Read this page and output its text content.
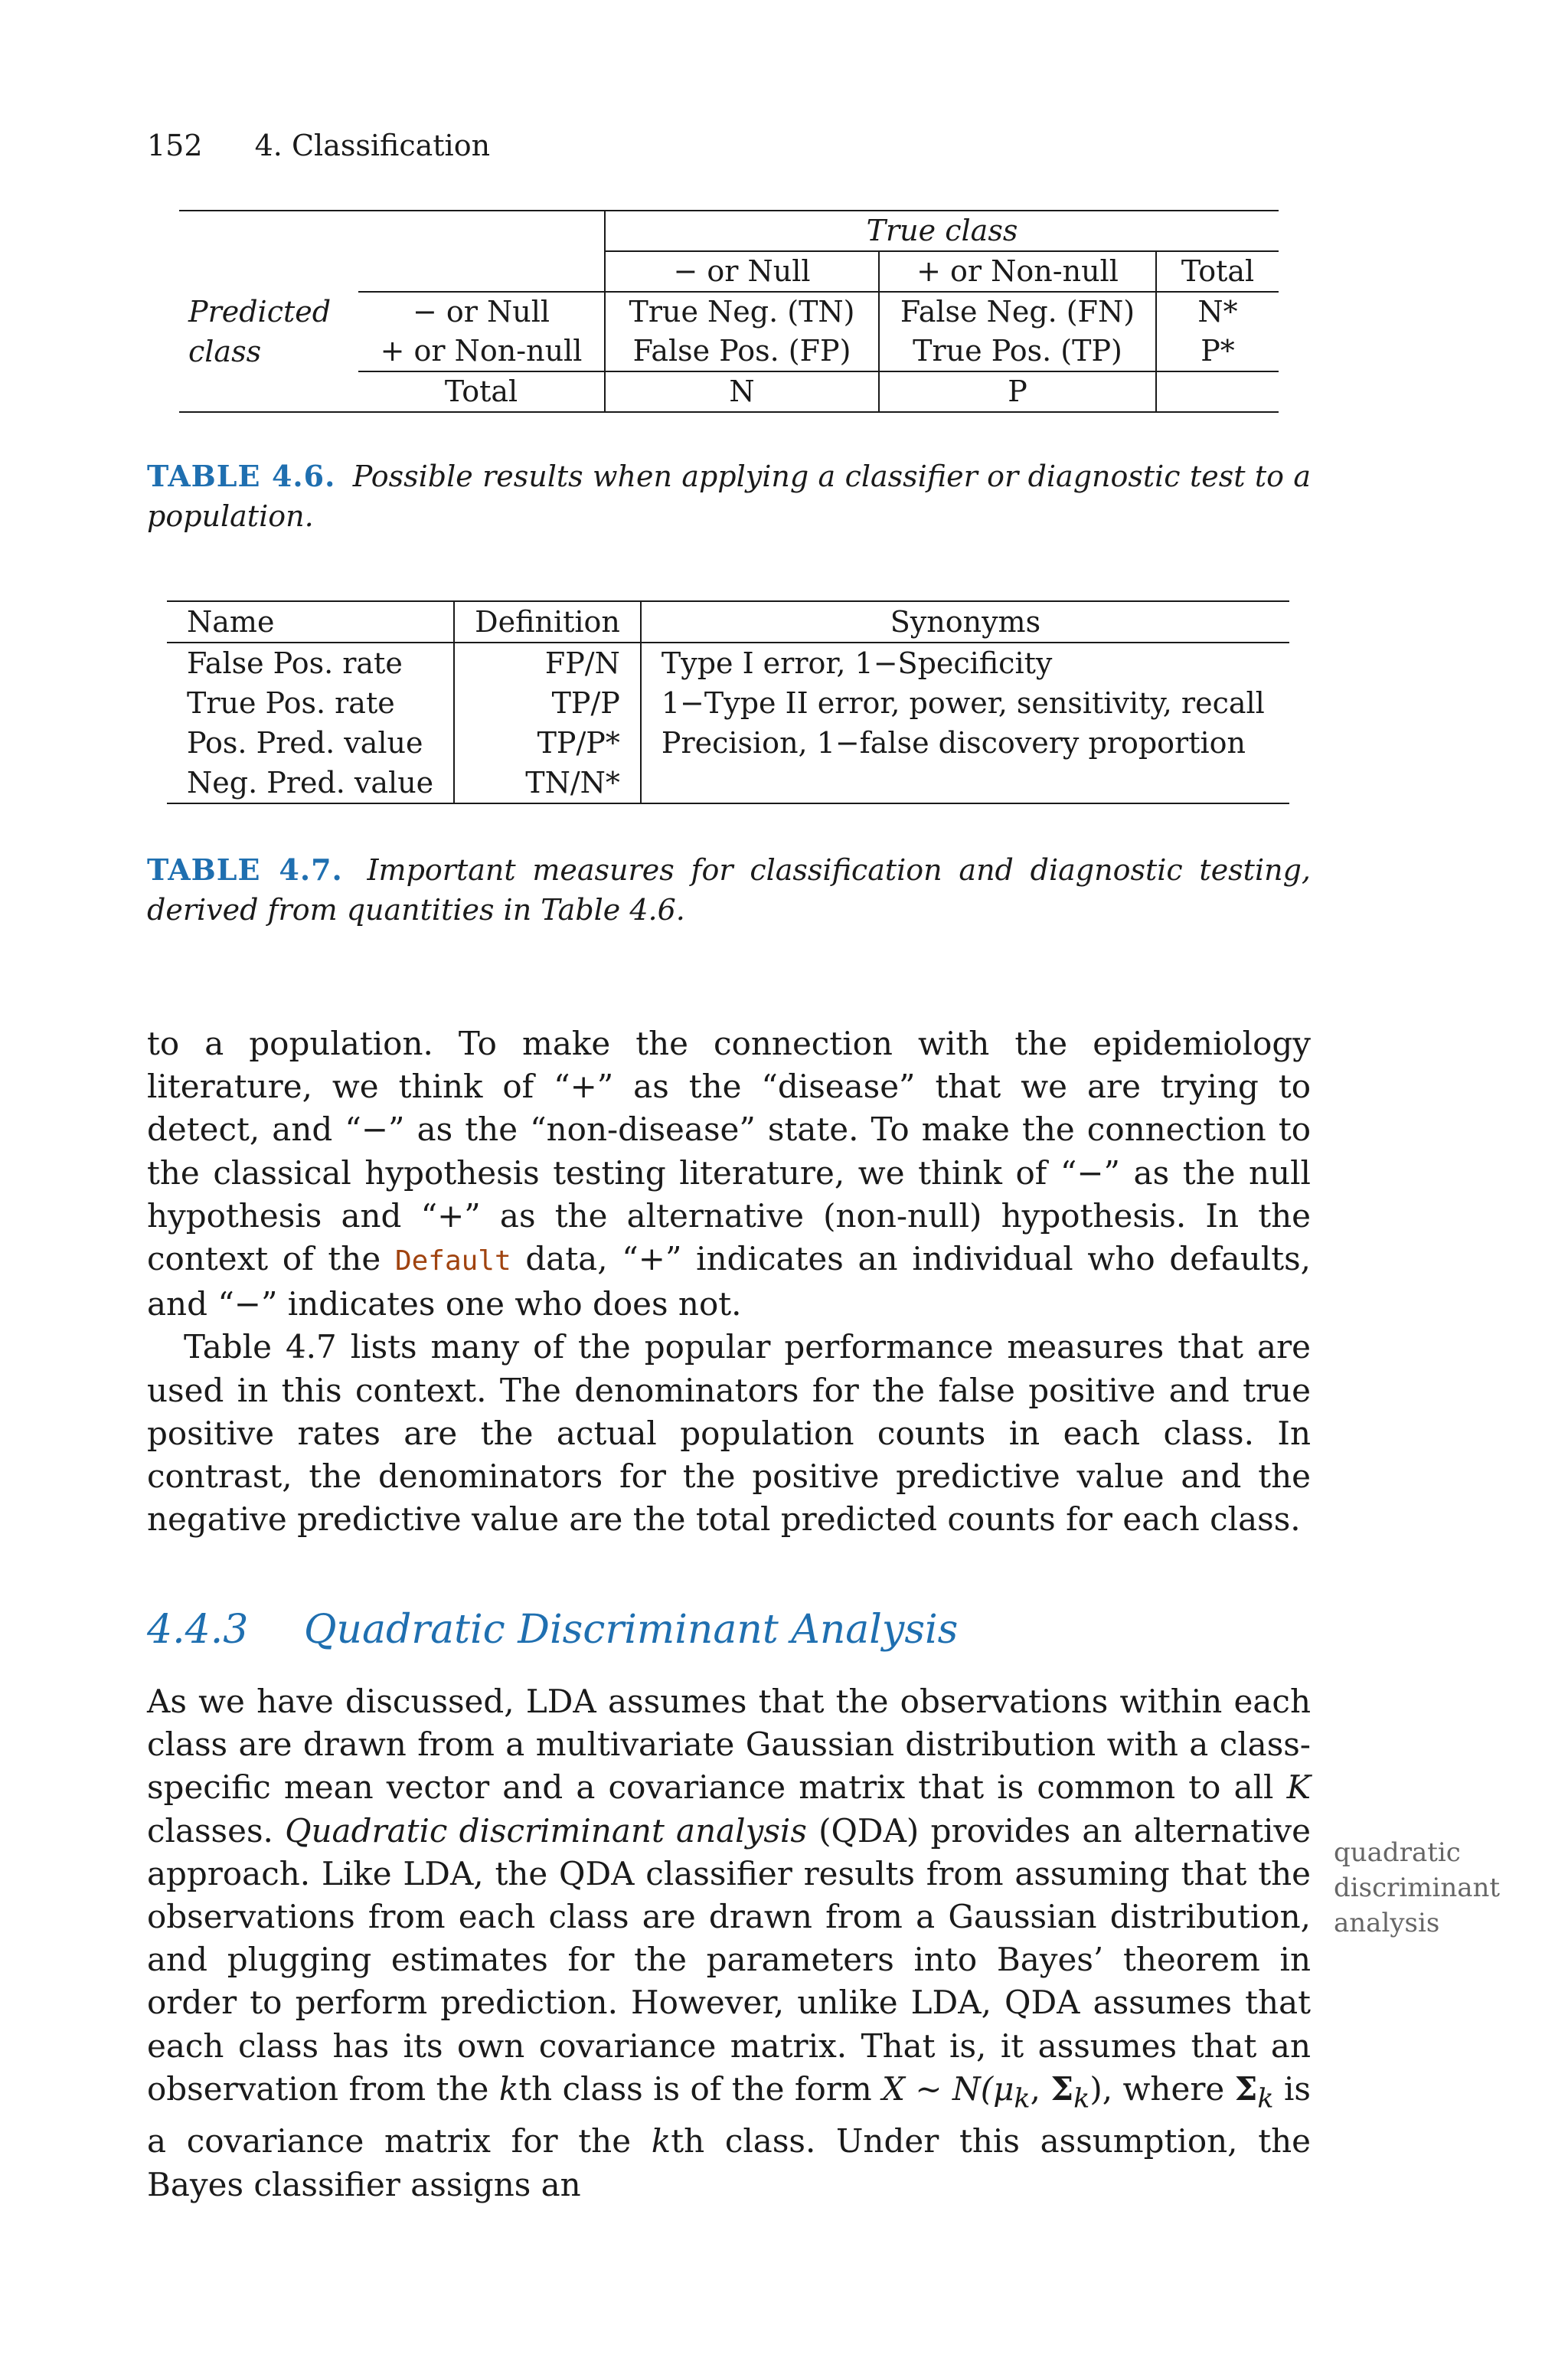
152 4. Classification
		True class		
		− or Null	+ or Non-null	Total
Predicted	− or Null	True Neg. (TN)	False Neg. (FN)	N*
class	+ or Non-null	False Pos. (FP)	True Pos. (TP)	P*
	Total	N	P	
TABLE 4.6. Possible results when applying a classifier or diagnostic test to a population.
Name	Definition	Synonyms
False Pos. rate	FP/N	Type I error, 1−Specificity
True Pos. rate	TP/P	1−Type II error, power, sensitivity, recall
Pos. Pred. value	TP/P*	Precision, 1−false discovery proportion
Neg. Pred. value	TN/N*	
TABLE 4.7. Important measures for classification and diagnostic testing, derived from quantities in Table 4.6.

to a population. To make the connection with the epidemiology literature, we think of “+” as the “disease” that we are trying to detect, and “−” as the “non-disease” state. To make the connection to the classical hypothesis testing literature, we think of “−” as the null hypothesis and “+” as the alternative (non-null) hypothesis. In the context of the Default data, “+” indicates an individual who defaults, and “−” indicates one who does not.

Table 4.7 lists many of the popular performance measures that are used in this context. The denominators for the false positive and true positive rates are the actual population counts in each class. In contrast, the denominators for the positive predictive value and the negative predictive value are the total predicted counts for each class.

4.4.3 Quadratic Discriminant Analysis

As we have discussed, LDA assumes that the observations within each class are drawn from a multivariate Gaussian distribution with a class-specific mean vector and a covariance matrix that is common to all K classes. Quadratic discriminant analysis (QDA) provides an alternative approach. Like LDA, the QDA classifier results from assuming that the observations from each class are drawn from a Gaussian distribution, and plugging estimates for the parameters into Bayes’ theorem in order to perform prediction. However, unlike LDA, QDA assumes that each class has its own covariance matrix. That is, it assumes that an observation from the kth class is of the form X ∼ $N(\mu_k$, $\Sigma_k$), where $\Sigma_k$ is a covariance matrix for the kth class. Under this assumption, the Bayes classifier assigns an

quadratic
discriminant
analysis
